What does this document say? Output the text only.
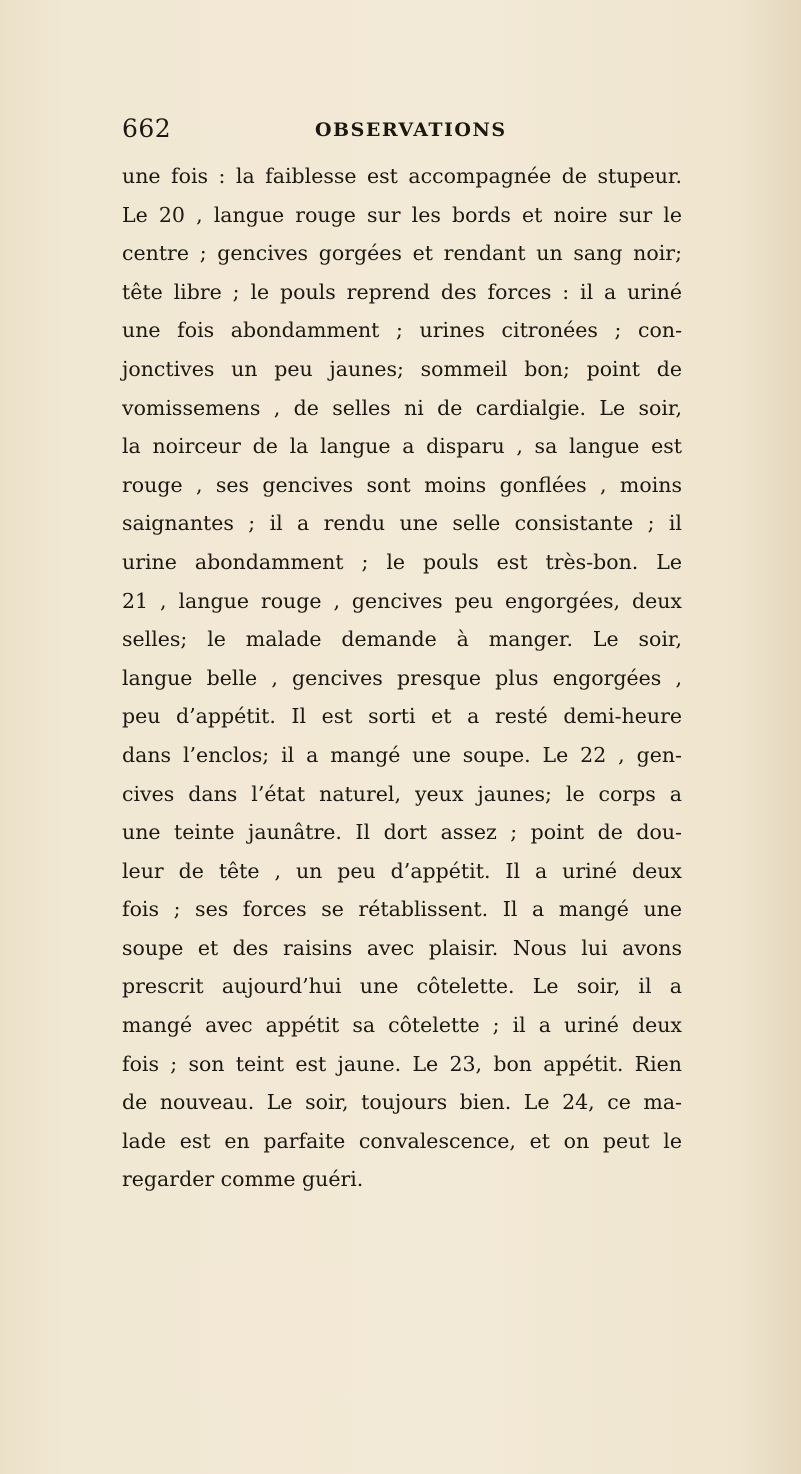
662	OBSERVATIONS
une fois : la faiblesse est accompagnée de stupeur.
Le 20 , langue rouge sur les bords et noire sur le
centre ; gencives gorgées et rendant un sang noir;
tête libre ; le pouls reprend des forces : il a uriné
une fois abondamment ; urines citronées ; con-
jonctives un peu jaunes; sommeil bon; point de
vomissemens , de selles ni de cardialgie. Le soir,
la noirceur de la langue a disparu , sa langue est
rouge , ses gencives sont moins gonflées , moins
saignantes ; il a rendu une selle consistante ; il
urine abondamment ; le pouls est très-bon. Le
21 , langue rouge , gencives peu engorgées, deux
selles; le malade demande à manger. Le soir,
langue belle , gencives presque plus engorgées ,
peu d’appétit. Il est sorti et a resté demi-heure
dans l’enclos; il a mangé une soupe. Le 22 , gen-
cives dans l’état naturel, yeux jaunes; le corps a
une teinte jaunâtre. Il dort assez ; point de dou-
leur de tête , un peu d’appétit. Il a uriné deux
fois ; ses forces se rétablissent. Il a mangé une
soupe et des raisins avec plaisir. Nous lui avons
prescrit aujourd’hui une côtelette. Le soir, il a
mangé avec appétit sa côtelette ; il a uriné deux
fois ; son teint est jaune. Le 23, bon appétit. Rien
de nouveau. Le soir, toujours bien. Le 24, ce ma-
lade est en parfaite convalescence, et on peut le
regarder comme guéri.
